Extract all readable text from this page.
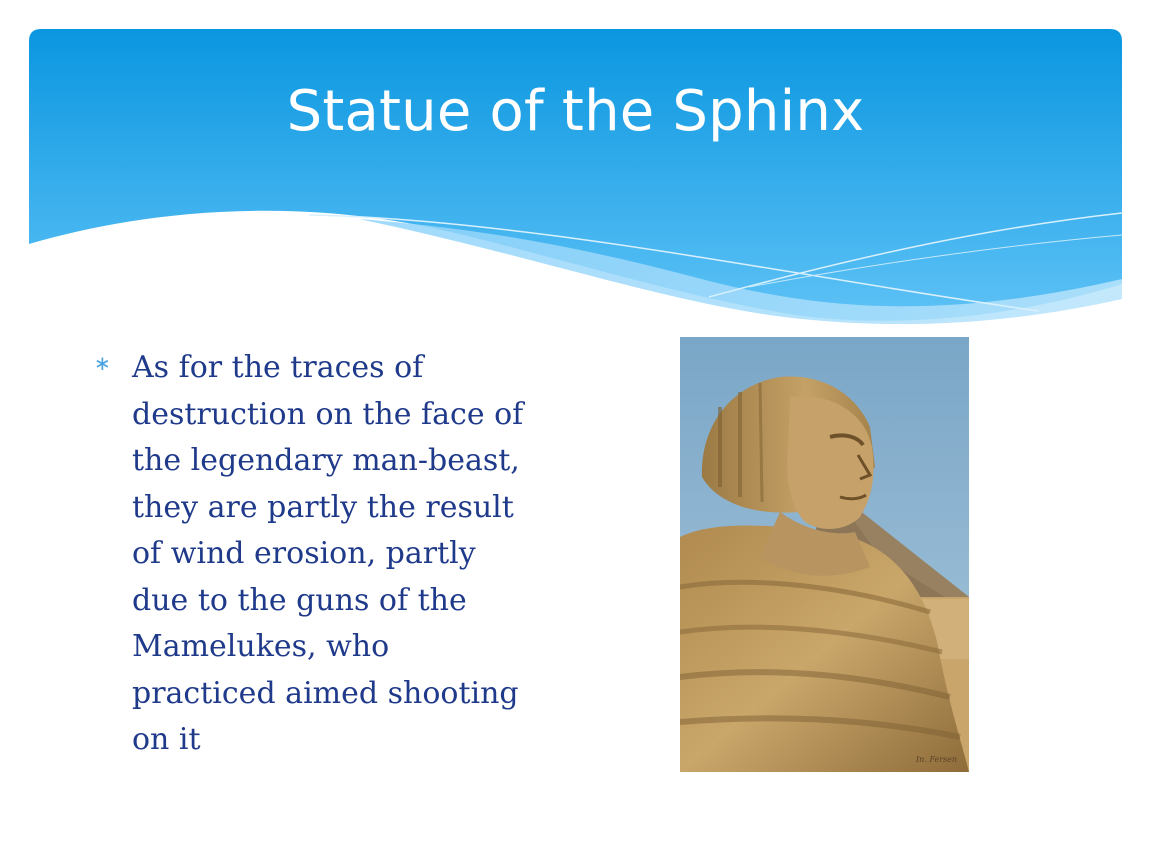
Statue of the Sphinx
∗ As for the traces of
destruction on the face of
the legendary man-beast,
they are partly the result
of wind erosion, partly
due to the guns of the
Mamelukes, who
practiced aimed shooting
on it

In. Fersen
